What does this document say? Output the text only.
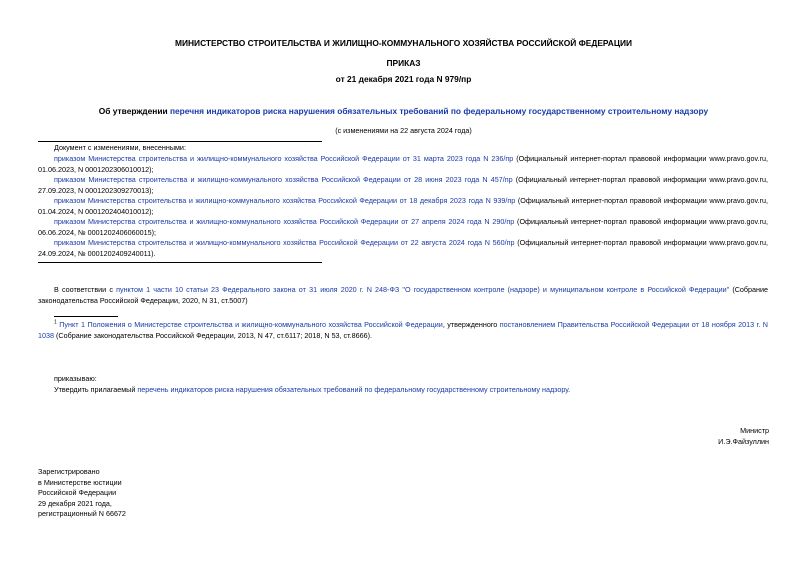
МИНИСТЕРСТВО СТРОИТЕЛЬСТВА И ЖИЛИЩНО-КОММУНАЛЬНОГО ХОЗЯЙСТВА РОССИЙСКОЙ ФЕДЕРАЦИИ
ПРИКАЗ
от 21 декабря 2021 года N 979/пр
Об утверждении перечня индикаторов риска нарушения обязательных требований по федеральному государственному строительному надзору
(с изменениями на 22 августа 2024 года)
Документ с изменениями, внесенными:
приказом Министерства строительства и жилищно-коммунального хозяйства Российской Федерации от 31 марта 2023 года N 236/пр (Официальный интернет-портал правовой информации www.pravo.gov.ru, 01.06.2023, N 0001202306010012);
приказом Министерства строительства и жилищно-коммунального хозяйства Российской Федерации от 28 июня 2023 года N 457/пр (Официальный интернет-портал правовой информации www.pravo.gov.ru, 27.09.2023, N 0001202309270013);
приказом Министерства строительства и жилищно-коммунального хозяйства Российской Федерации от 18 декабря 2023 года N 939/пр (Официальный интернет-портал правовой информации www.pravo.gov.ru, 01.04.2024, N 0001202404010012);
приказом Министерства строительства и жилищно-коммунального хозяйства Российской Федерации от 27 апреля 2024 года N 290/пр (Официальный интернет-портал правовой информации www.pravo.gov.ru, 06.06.2024, № 0001202406060015);
приказом Министерства строительства и жилищно-коммунального хозяйства Российской Федерации от 22 августа 2024 года N 560/пр (Официальный интернет-портал правовой информации www.pravo.gov.ru, 24.09.2024, № 0001202409240011).
В соответствии с пунктом 1 части 10 статьи 23 Федерального закона от 31 июля 2020 г. N 248-ФЗ "О государственном контроле (надзоре) и муниципальном контроле в Российской Федерации" (Собрание законодательства Российской Федерации, 2020, N 31, ст.5007)
$^1$ Пункт 1 Положения о Министерстве строительства и жилищно-коммунального хозяйства Российской Федерации, утвержденного постановлением Правительства Российской Федерации от 18 ноября 2013 г. N 1038 (Собрание законодательства Российской Федерации, 2013, N 47, ст.6117; 2018, N 53, ст.8666).
приказываю:
Утвердить прилагаемый перечень индикаторов риска нарушения обязательных требований по федеральному государственному строительному надзору.
Министр
И.Э.Файзуллин
Зарегистрировано
в Министерстве юстиции
Российской Федерации
29 декабря 2021 года,
регистрационный N 66672
